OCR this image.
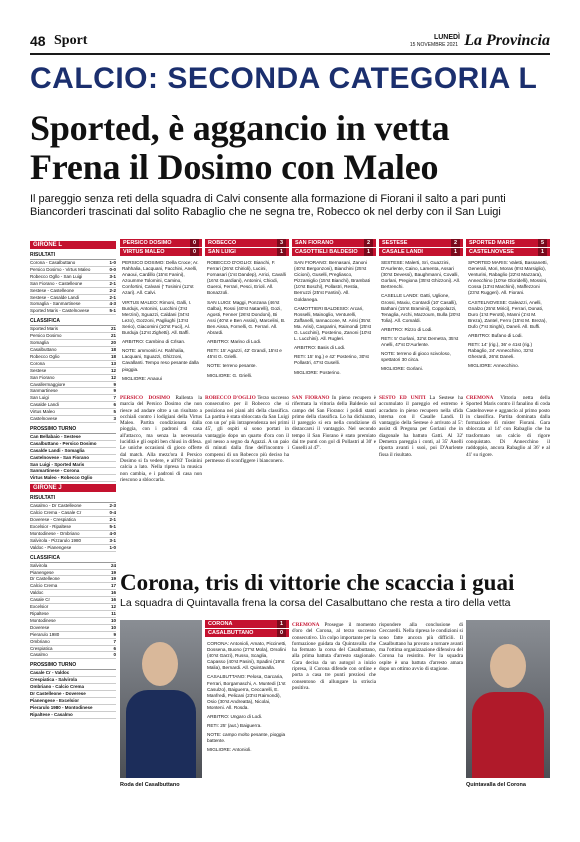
48 Sport	LUNEDÌ
15 NOVEMBRE 2021 La Provincia
CALCIO: SECONDA CATEGORIA L
Sported, è aggancio in vetta
Frena il Dosimo con Maleo
Il pareggio senza reti della squadra di Calvi consente alla formazione di Fiorani il salto a pari punti Biancorderi trascinati dal solito Rabaglio che ne segna tre, Robecco ok nel derby con il San Luigi
GIRONE L
RISULTATI
Corona - Casalbuttano	1-0
Persico Dosimo - Virtus Maleo	0-0
Robecco Ogllo - San Luigi	3-1
San Fiorano - Castelleone	2-1
Sestese - Castelleone	2-2
Sestese - Casalde Landi	2-1
Somaglia - Sanmartinese	4-3
Sported Maris - Castelnovese	5-1
CLASSIFICA
Sported Maris	21
Persico Dosimo	21
Somaglia	20
Casalbuttano	18
Robecco Oglio	18
Corona	13
Sestese	12
San Fiorano	12
Cavallermaggiore	9
Sanmartinese	9
San Luigi	7
Casalde Landi	6
Virtus Maleo	5
Castelnovese	3
PROSSIMO TURNO
Can Bellabaio - Sestese
Casalbuttano - Persico Dosimo
Casalde Landi - Somaglia
Castelnovese - San Fiorano
San Luigi - Sported Maris
Sanmartinese - Corona
Virtus Maleo - Robecco Oglio
GIRONE J
RISULTATI
Casalmo - Dr Castelleone	2-3
Calcio Crema - Casale Cr	0-4
Doverese - Crespiatica	2-1
Excelsior - Ripaltese	5-1
Montodinese - Ombriano	4-0
Salvirola - Pizzarulo 1980	3-1
Valdoc - Pianengese	1-0
CLASSIFICA
Salvirola	24
Pianengese	19
Dr Castelleone	19
Calcio Crema	17
Valdoc	16
Casale Cr	16
Excelsior	12
Ripaltese	11
Montodinese	10
Doverese	10
Pierarulo 1980	9
Ombriano	7
Crespiatica	6
Casalmo	0
PROSSIMO TURNO
Casale Cr - Valdoc
Crespiatica - Salvirola
Ombriano - Calcio Crema
Dr Castelleone - Doverese
Pianengese - Excelsior
Pierarulo 1980 - Montodinese
Ripaltese - Casalmo
PERSICO DOSIMO	0
VIRTUS MALEO	0

PERSICO DOSIMO: Della Croce; Ar. Rahhalia, Lacquani, Facchini, Anelli, Anaoui, Cardillo (15'st Fanini), Azoumme Tolomini, Camino, Confortini, Calvani (' Tosinini (12'st Azari). All. Calvi.

VIRTUS MALEO: Rimoni, Galli, I. Burdujs, Antonini, Lucchini (3'st Merzini), Sguazzi, Caldani (34'st Lezo), Gozzoni, Pagliughi (13'st Serio), Giacomini (10'st Fuci), Al. Burduja (12'st Zighetti). All. Baffi.

ARBITRO: Cambino di Crlsan.

NOTE: ammoniti Ar. Rahhalia, Lacquani, Sguazzi, Ghizzoni, Cavallanti. Tempo reso pesante dalla pioggia.

MIGLIORE: Anaoui

ROBECCO	3
SAN LUIGI	1

ROBECCO D'OGLIO: Bianchi, F. Ferrari (26'st Chirioli), Lucini, Fornasari (1'st Dandep), Arrici, Cavalli (16'st Guardiani), Antonini, Chiodi, Gueroi, Ferrari, Pesci, Erioli. All. Bonazzoli.

SAN LUIGI: Maggi, Ponzana (46'st Galba), Rossi (40'st Natarelli), Gozi, Agosti, Fenner (26'st Dondoni), Bi Assi (40'st e Ben Assisi), Marcelini, B. Ben Aissa, Fornelli, G. Ferrari. All. Abrardi.

ARBITRO: Marino di Lodi.

RETI: 15' Agazzi, 42' Grandi, 15'st e 45'st G. Grielli.

NOTE: terreno pesante.

MIGLIORE: G. Grielli.

SAN FIORANO	2
CASOTTIELI BALDESIO	1

SAN FIORANO: Bernasani, Zanoni (40'st Bergonzoni), Bianchini (25'st Cicioni), Guselli, Pregliasco, Pizzamiglio (15'st Bianchi), Brambati (10'st Boschi), Pollastri, Restia, Berruzzi (25'st Fantini). All. Goldanega.

CAMOTTIERI BALDESIO: Arcari, Rosselli, Mainoglio, Venturelli, Zaffanelli, Iannaccone, M. Arisi (35'st Ma. Arisi), Casparini, Raimondi (25'st G. Lucchini), Posterino, Zanoni (10'st L. Lucchini). All. Rugleri.

ARBITRO: Basis di Lodi.

RETI: 15' Ing.) e 42' Posterino, 30'st Pollastri, 47'st Guselli.

MIGLIORE: Posterino.

SESTESE	2
CASALE LANDI	1

SESTESE: Malerti, Sri, Guazzini, D'Aurlente, Caino, Lamenta, Assari (30'st Devessi), Baughmanni, Covalli, Gorlani, Pregiona (35'st Ghizzoni). All. Bertrenchi.

CASELLE LANDI: Gatti, Uglione, Grossi, Maxiu, Contardi (10' Casalli), Bathani (15'st Braminii), Coppolazzi, Tenaglia, Archi, Mazzoum, Bulla (20'st Tolia). All. Comaldi.

ARBITRO: Rizzo di Lodi.

RETI: 5' Gorlani, 32'st Demetra, 35'st Anelli, 47'st D'Aurlente.

NOTE: terreno di gioco scivoloso, spettatori 30 circa.

MIGLIORE: Gorlani.

SPORTED MARIS	5
CASTELNOVESE	1

SPORTED MARIS: Valetti, Bassanetti, Generali, Mori, Moras (8'st Marsiglio), Venturini, Rabaglio (22'st Mazzara), Annecchino (10'se Gloridelli), Mossini, Cossa (13'st Marchini), Maffezzoni (23'st Ruggeri). All. Fiorani.

CASTELNOVESE: Galeazzi, Anelli, Gnalzo (25'st Mirici), Ferrari, Donati, Duro (1'st Perotti), Manni (1'st M. Breza), Zantel, Ferro (15'st M. Breza), Dufo (7'st Singhi), Daneli. All. Buffi.

ARBITRO: Bufano di Lodi.

RETI: 14' (rig.), 36' e 41st (rig.) Rabaglio, 24' Annecchino, 32'st Gherardi, 26'st Daneli.

MIGLIORE: Annecchino.

PERSICO DOSIMO Rallenta la marcia del Persico Dosimo che non riesce ad andare oltre a un risultato a occhiali contro i lodigiani della Virtus Maleo. Partita condizionata dalla pioggia, con i padroni di casa all'attacco, ma senza la necessaria lucidità e gli ospiti ben chiusi in difesa. Le uniche occasioni di gioco offerte dal match. Alla mezz'ora il Persico Dosimo si fa vedere, e all'83' Tosinini calcia a lato. Nella ripresa la musica non cambia, e i padroni di casa non riescono a sbloccarla.
ROBECCO D'OGLIO Terzo successo consecutivo per il Robecco che si posiziona nei piani alti della classifica. La partita è stata sbloccata da San Luigi con un po' più intraprendenza nei primi 45', gli ospiti si sono portati in vantaggio dopo un quarto d'ora con il gol nesso a segno da Agazzi. A un paio di minuti dalla fine dell'incontro i compensi di un Robecco più deciso ha permesso di sconfiggere i bianconero.
SAN FIORANO In pieno recupero è rifermata la vittoria della Baldesio sul campo del San Fiorano: i polidi stanti primo della classifica. Lo ha dichiarato, il pareggio si era nella condizione di distaccarsi il vantaggio. Nel secondo tempo il San Fiorano è stato premiato dai tre punti con gol di Pollastri al 30' e Guselli al 47'.
SESTO ED UNITI La Sestese ha accumulato il pareggio ed estremo è accaduto in pieno recupero nella sfida interna con il Casalle Landi. Il vantaggio della Sestese è arrivato al 5': assist di Pregona per Gorlani che in diagonale ha battuto Gatti. Al 32' Demetra pareggia i conti, al 35' Anelli riporta avanti i suoi, poi D'Aurlente fissa il risultato.
CREMONA Vittoria netta della Sported Maris contro il fanalino di coda Castelnovese e aggancio al primo posto in classifica. Partita dominata dalla formazione di mister Fiorani. Gara sbloccata al 14' con Rabaglio che ha trasformato un calcio di rigore conquistato. Di Annecchino il raddoppio, ancora Rabaglio al 36' e al 41' su rigore.
Corona, tris di vittorie che scaccia i guai
La squadra di Quintavalla frena la corsa del Casalbuttano che resta a tiro della vetta
Roda del Casalbuttano
CORONA	1
CASALBUTTANO	0

CORONA: Antonioli, Amato, Piccinetti, Dossena, Buono (27'st Mola), Orsolini (40'st Garzi), Russo, Scaglia, Capasso (40'st Pasini), Spadini (19'st Malia), Bernardi. All. Quintavalla.

CASALBUTTANO: Pelosa, Garcaria, Ferrari, Borgamaschi, A. Muntedi (1'st Casulzo), Baiguerra, Ceccarelli, E. Manfredi, Pelicani (23'st Raimondi), Osio (30'st Andreatta), Nicolai, Monteni. All. Rosda.

ARBITRO: Ungaro di Lodi.

RETI: 25' (aut.) Baiguerra.

NOTE: campo molto pesante, pioggia battente.

MIGLIORE: Antonioli.

CREMONA Prosegue il momento d'oro del Corona, al terzo successo consecutivo. Un colpo importante per la formazione guidata da Quintavalla che ha fermato la corsa del Casalbuttano, alla prima battuta d'arresto stagionale. Gara decisa da un autogol a inizio ripresa, il Corona difende con ordine e porta a casa tre punti preziosi che consentono di allungare la striscia positiva.
rispondere alla conclusione di Ceccarelli. Nella ripresa le condizioni si sono fatte ancora più difficili. Il Casalbuttano ha provato a tornare avanti ma l'ottima organizzazione difensiva del Corona ha resistito. Per la squadra ospite è una battuta d'arresto amara dopo un ottimo avvio di stagione.
Quintavalla del Corona
